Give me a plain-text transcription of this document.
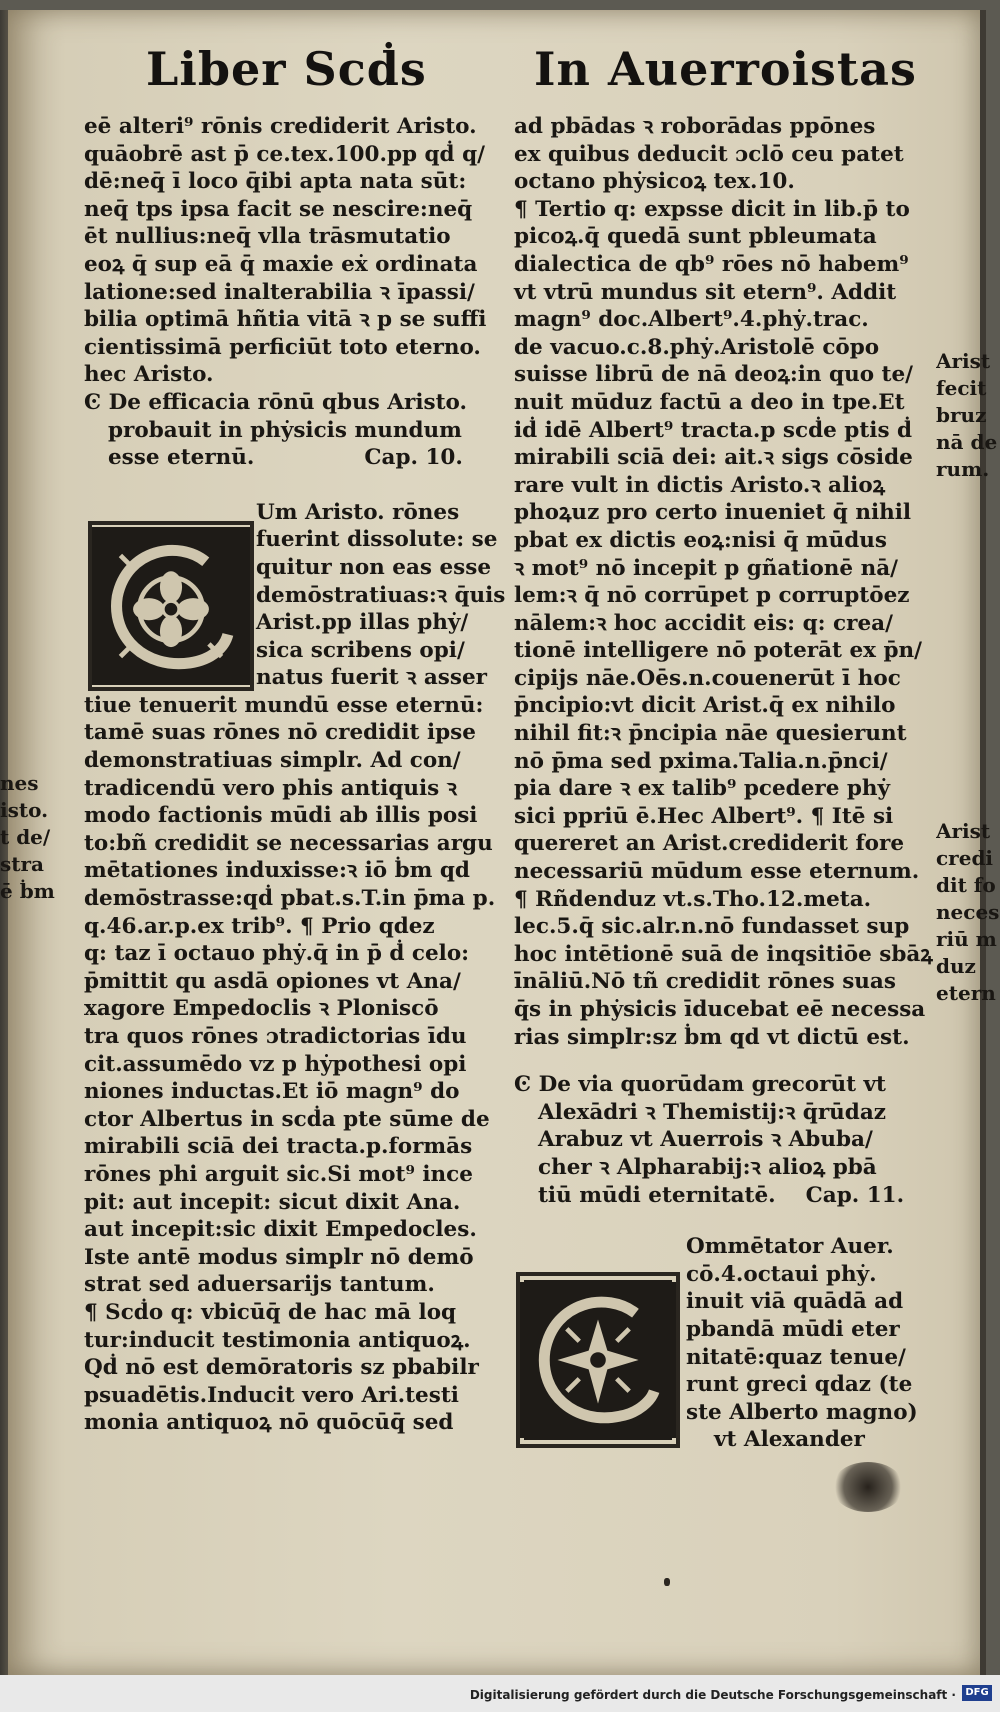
Liber Scḋs In Auerroistas
nes
isto.
t de/
stra
ē ḃm
eē alteri⁹ rōnis crediderit Aristo.
quāobrē ast p̄ ce.tex.100.pp qḋ q/
dē:neq̄ ī loco q̄ibi apta nata sūt:
neq̄ tps ipsa facit se nescire:neq̄
ēt nullius:neq̄ vlla trāsmutatio
eoꝝ q̄ sup eā q̄ maxie eẋ ordinata
latione:sed inalterabilia ꝛ īpassi/
bilia optimā hñtia vitā ꝛ p se suffi
cientissimā perficiūt toto eterno.
hec Aristo.
Ͼ De efficacia rōnū qbus Aristo.
probauit in phẏsicis mundum
esse eternū.	Cap. 10.
Um Aristo. rōnes
fuerint dissolute: se
quitur non eas esse
demōstratiuas:ꝛ q̄uis
Arist.pp illas phẏ/
sica scribens opi/
natus fuerit ꝛ asser
tiue tenuerit mundū esse eternū:
tamē suas rōnes nō credidit ipse
demonstratiuas simplr. Ad con/
tradicendū vero phis antiquis ꝛ
modo factionis mūdi ab illis posi
to:bñ credidit se necessarias argu
mētationes induxisse:ꝛ iō ḃm qd
demōstrasse:qḋ pbat.s.T.in p̄ma p.
q.46.ar.p.ex trib⁹. ¶ Prio qdez
q: taz ī octauo phẏ.q̄ in p̄ ḋ celo:
p̄mittit qu asdā opiones vt Ana/
xagore Empedoclis ꝛ Ploniscō
tra quos rōnes ɔtradictorias īdu
cit.assumēdo vz p hẏpothesi opi
niones inductas.Et iō magn⁹ do
ctor Albertus in scḋa pte sūme de
mirabili sciā dei tracta.p.formās
rōnes phi arguit sic.Si mot⁹ ince
pit: aut incepit: sicut dixit Ana.
aut incepit:sic dixit Empedocles.
Iste antē modus simplr nō demō
strat sed aduersarijs tantum.
¶ Scḋo q: vbicūq̄ de hac mā loq
tur:inducit testimonia antiquoꝝ.
Qḋ nō est demōratoris sz pbabilr
psuadētis.Inducit vero Ari.testi
monia antiquoꝝ nō quōcūq̄ sed
ad pbādas ꝛ roborādas ppōnes
ex quibus deducit ɔclō ceu patet
octano phẏsicoꝝ tex.10.
¶ Tertio q: expsse dicit in lib.p̄ to
picoꝝ.q̄ quedā sunt pbleumata
dialectica de qb⁹ rōes nō habem⁹
vt vtrū mundus sit etern⁹. Addit
magn⁹ doc.Albert⁹.4.phẏ.trac.
de vacuo.c.8.phẏ.Aristolē cōpo
suisse librū de nā deoꝝ:in quo te/
nuit mūduz factū a deo in tpe.Et
iḋ idē Albert⁹ tracta.p scḋe ptis ḋ
mirabili sciā dei: ait.ꝛ sigs cōside
rare vult in dictis Aristo.ꝛ alioꝝ
phoꝝuz pro certo inueniet q̄ nihil
pbat ex dictis eoꝝ:nisi q̄ mūdus
ꝛ mot⁹ nō incepit p gñationē nā/
lem:ꝛ q̄ nō corrūpet p corruptōez
nālem:ꝛ hoc accidit eis: q: crea/
tionē intelligere nō poterāt ex p̄n/
cipijs nāe.Oēs.n.couenerūt ī hoc
p̄ncipio:vt dicit Arist.q̄ ex nihilo
nihil fit:ꝛ p̄ncipia nāe quesierunt
nō p̄ma sed pxima.Talia.n.p̄nci/
pia dare ꝛ ex talib⁹ pcedere phẏ
sici ppriū ē.Hec Albert⁹. ¶ Itē si
quereret an Arist.crediderit fore
necessariū mūdum esse eternum.
¶ Rñdenduz vt.s.Tho.12.meta.
lec.5.q̄ sic.alr.n.nō fundasset sup
hoc intētionē suā de inqsitiōe sbāꝝ
īnāliū.Nō tñ credidit rōnes suas
q̄s in phẏsicis īducebat eē necessa
rias simplr:sz ḃm qd vt dictū est.
Ͼ De via quorūdam grecorūt vt
Alexādri ꝛ Themistij:ꝛ q̄rūdaz
Arabuz vt Auerrois ꝛ Abuba/
cher ꝛ Alpharabij:ꝛ alioꝝ pbā
tiū mūdi eternitatē. Cap. 11.
Ommētator Auer.
cō.4.octaui phẏ.
inuit viā quādā ad
pbandā mūdi eter
nitatē:quaz tenue/
runt greci qdaz (te
ste Alberto magno)
vt Alexander
Arist
fecit
bruz
nā de
rum.
Arist
credi
dit fo
neces
riū m
duz
etern
Digitalisierung gefördert durch die Deutsche Forschungsgemeinschaft · DFG
